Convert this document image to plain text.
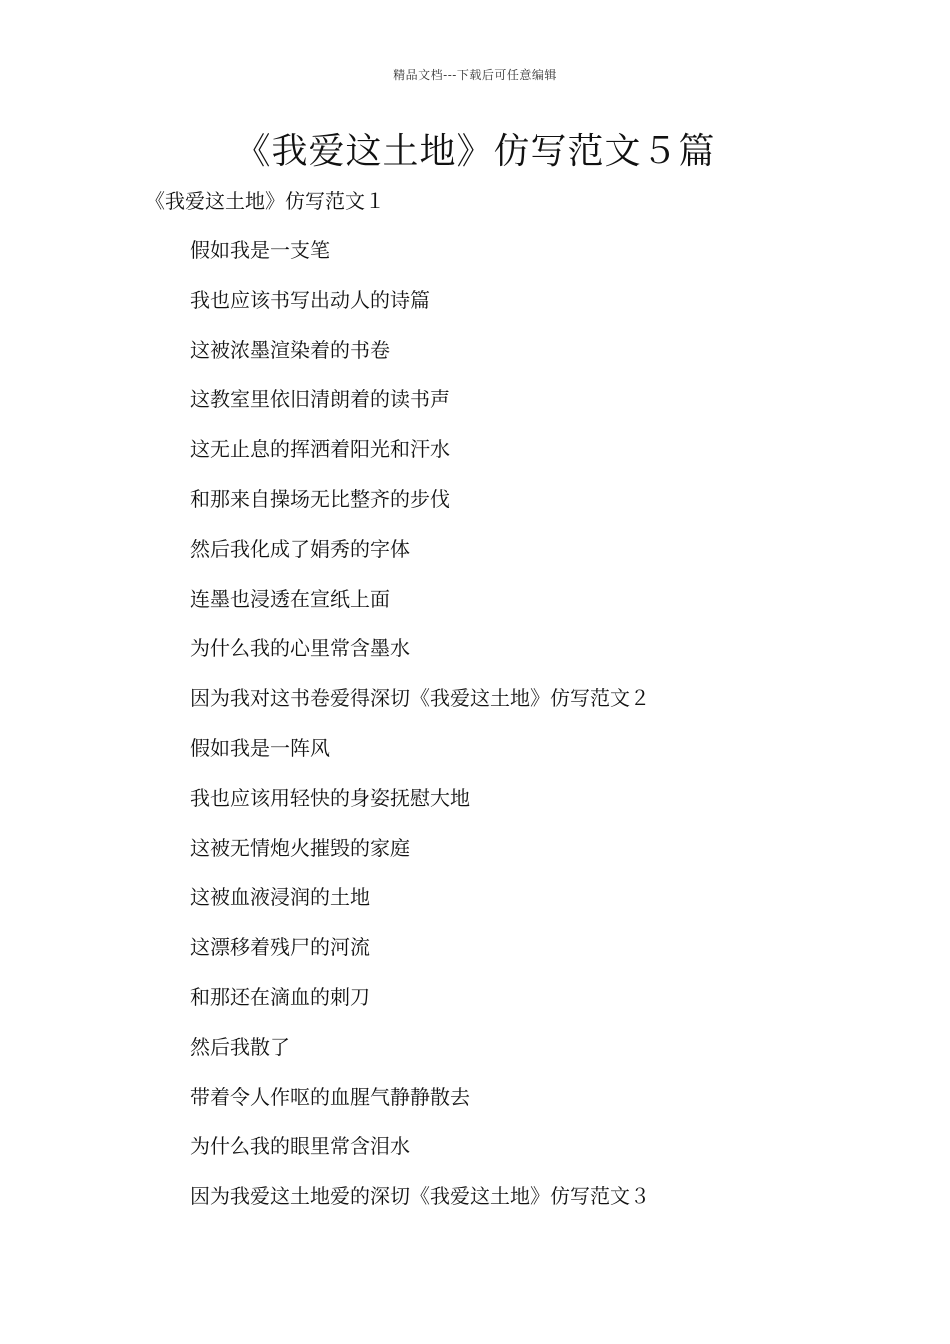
精品文档---下载后可任意编辑
《我爱这土地》仿写范文５篇
《我爱这土地》仿写范文１
假如我是一支笔
我也应该书写出动人的诗篇
这被浓墨渲染着的书卷
这教室里依旧清朗着的读书声
这无止息的挥洒着阳光和汗水
和那来自操场无比整齐的步伐
然后我化成了娟秀的字体
连墨也浸透在宣纸上面
为什么我的心里常含墨水
因为我对这书卷爱得深切《我爱这土地》仿写范文２
假如我是一阵风
我也应该用轻快的身姿抚慰大地
这被无情炮火摧毁的家庭
这被血液浸润的土地
这漂移着残尸的河流
和那还在滴血的刺刀
然后我散了
带着令人作呕的血腥气静静散去
为什么我的眼里常含泪水
因为我爱这土地爱的深切《我爱这土地》仿写范文３
